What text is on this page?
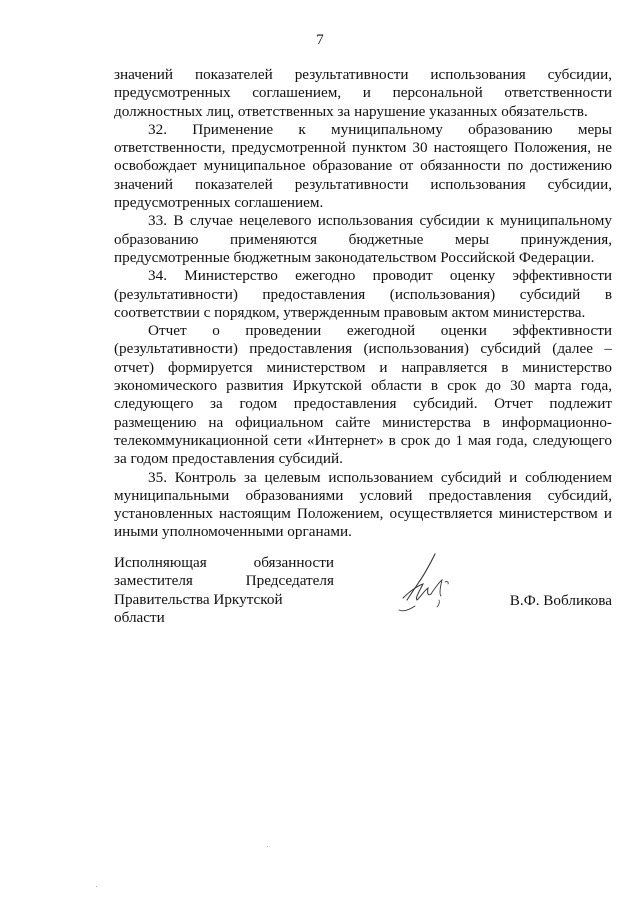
7

значений показателей результативности использования субсидии, предусмотренных соглашением, и персональной ответственности должностных лиц, ответственных за нарушение указанных обязательств.

32. Применение к муниципальному образованию меры ответственности, предусмотренной пунктом 30 настоящего Положения, не освобождает муниципальное образование от обязанности по достижению значений показателей результативности использования субсидии, предусмотренных соглашением.

33. В случае нецелевого использования субсидии к муниципальному образованию применяются бюджетные меры принуждения, предусмотренные бюджетным законодательством Российской Федерации.

34. Министерство ежегодно проводит оценку эффективности (результативности) предоставления (использования) субсидий в соответствии с порядком, утвержденным правовым актом министерства.

Отчет о проведении ежегодной оценки эффективности (результативности) предоставления (использования) субсидий (далее – отчет) формируется министерством и направляется в министерство экономического развития Иркутской области в срок до 30 марта года, следующего за годом предоставления субсидий. Отчет подлежит размещению на официальном сайте министерства в информационно-телекоммуникационной сети «Интернет» в срок до 1 мая года, следующего за годом предоставления субсидий.

35. Контроль за целевым использованием субсидий и соблюдением муниципальными образованиями условий предоставления субсидий, установленных настоящим Положением, осуществляется министерством и иными уполномоченными органами.

Исполняющая	обязанности
заместителя	Председателя
Правительства Иркутской области
В.Ф. Вобликова
